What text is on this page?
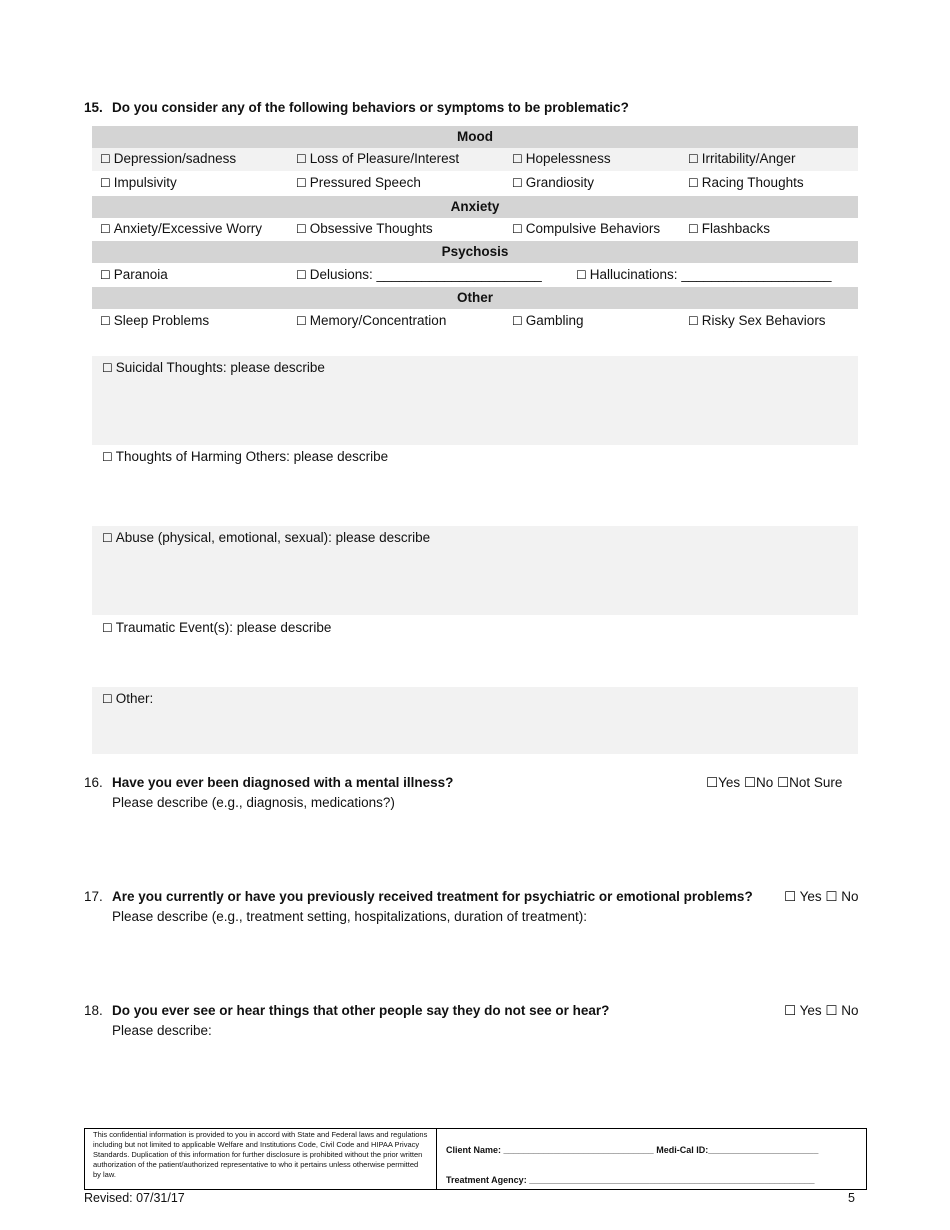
15. Do you consider any of the following behaviors or symptoms to be problematic?
Mood
☐ Depression/sadness	☐ Loss of Pleasure/Interest	☐ Hopelessness	☐ Irritability/Anger
☐ Impulsivity	☐ Pressured Speech	☐ Grandiosity	☐ Racing Thoughts
Anxiety
☐ Anxiety/Excessive Worry	☐ Obsessive Thoughts	☐ Compulsive Behaviors ☐ Flashbacks
Psychosis
☐ Paranoia	☐ Delusions: ______________________	☐ Hallucinations: ____________________
Other
☐ Sleep Problems	☐ Memory/Concentration	☐ Gambling	☐ Risky Sex Behaviors
☐ Suicidal Thoughts: please describe
☐ Thoughts of Harming Others: please describe
☐ Abuse (physical, emotional, sexual): please describe
☐ Traumatic Event(s): please describe
☐ Other:
16. Have you ever been diagnosed with a mental illness?
Please describe (e.g., diagnosis, medications?)
☐Yes ☐No ☐Not Sure
17. Are you currently or have you previously received treatment for psychiatric or emotional problems?
Please describe (e.g., treatment setting, hospitalizations, duration of treatment):
☐ Yes ☐ No
18. Do you ever see or hear things that other people say they do not see or hear?
Please describe:
☐ Yes ☐ No
This confidential information is provided to you in accord with State and Federal laws and regulations including but not limited to applicable Welfare and Institutions Code, Civil Code and HIPAA Privacy Standards. Duplication of this information for further disclosure is prohibited without the prior written authorization of the patient/authorized representative to who it pertains unless otherwise permitted by law.
Client Name: ______________________________ Medi-Cal ID:______________________
Treatment Agency: _________________________________________________________
Revised: 07/31/17	5
